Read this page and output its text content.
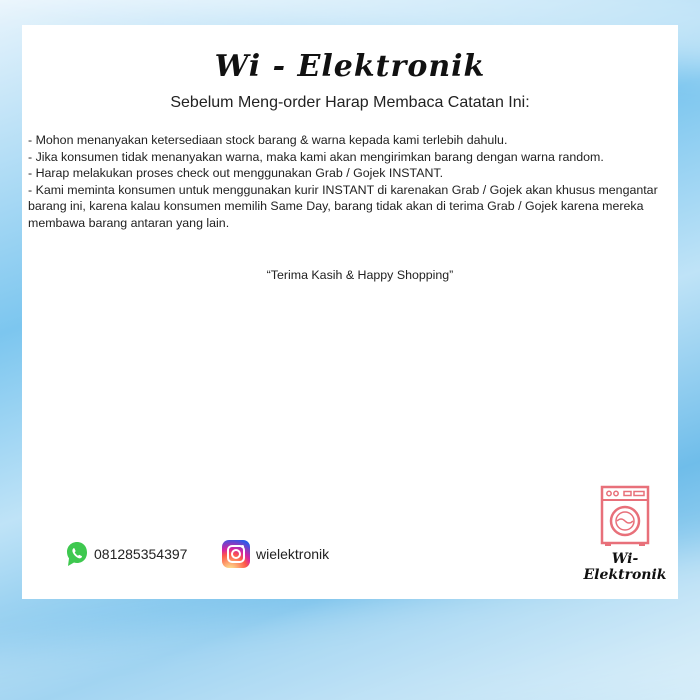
Wi - Elektronik
Sebelum Meng-order Harap Membaca Catatan Ini:
- Mohon menanyakan ketersediaan stock barang & warna kepada kami terlebih dahulu.
- Jika konsumen tidak menanyakan warna, maka kami akan mengirimkan barang dengan warna random.
- Harap melakukan proses check out menggunakan Grab / Gojek INSTANT.
- Kami meminta konsumen untuk menggunakan kurir INSTANT di karenakan Grab / Gojek akan khusus mengantar barang ini, karena kalau konsumen memilih Same Day, barang tidak akan di terima Grab / Gojek karena mereka membawa barang antaran yang lain.
“Terima Kasih & Happy Shopping”
081285354397	wielektronik	Wi-Elektronik
